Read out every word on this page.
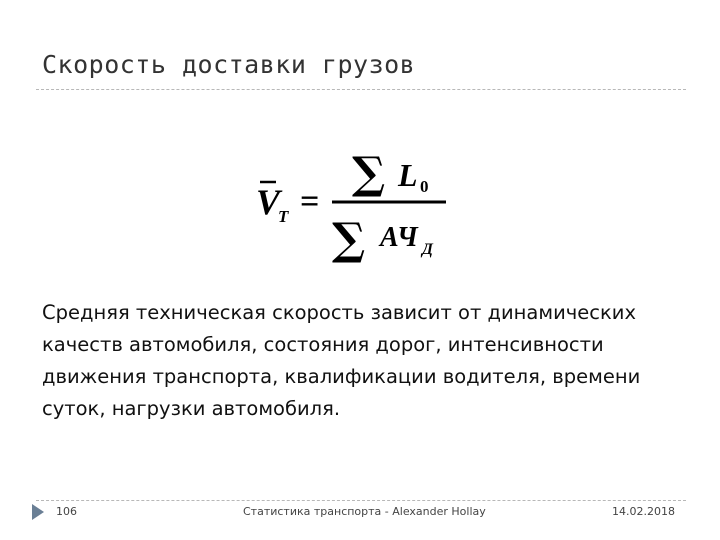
Скорость доставки грузов
V
T =
∑ L 0
∑ АЧ Д
Средняя техническая скорость зависит от динамических качеств автомобиля, состояния дорог, интенсивности движения транспорта, квалификации водителя, времени суток, нагрузки автомобиля.
106	Статистика транспорта - Alexander Hollay	14.02.2018
